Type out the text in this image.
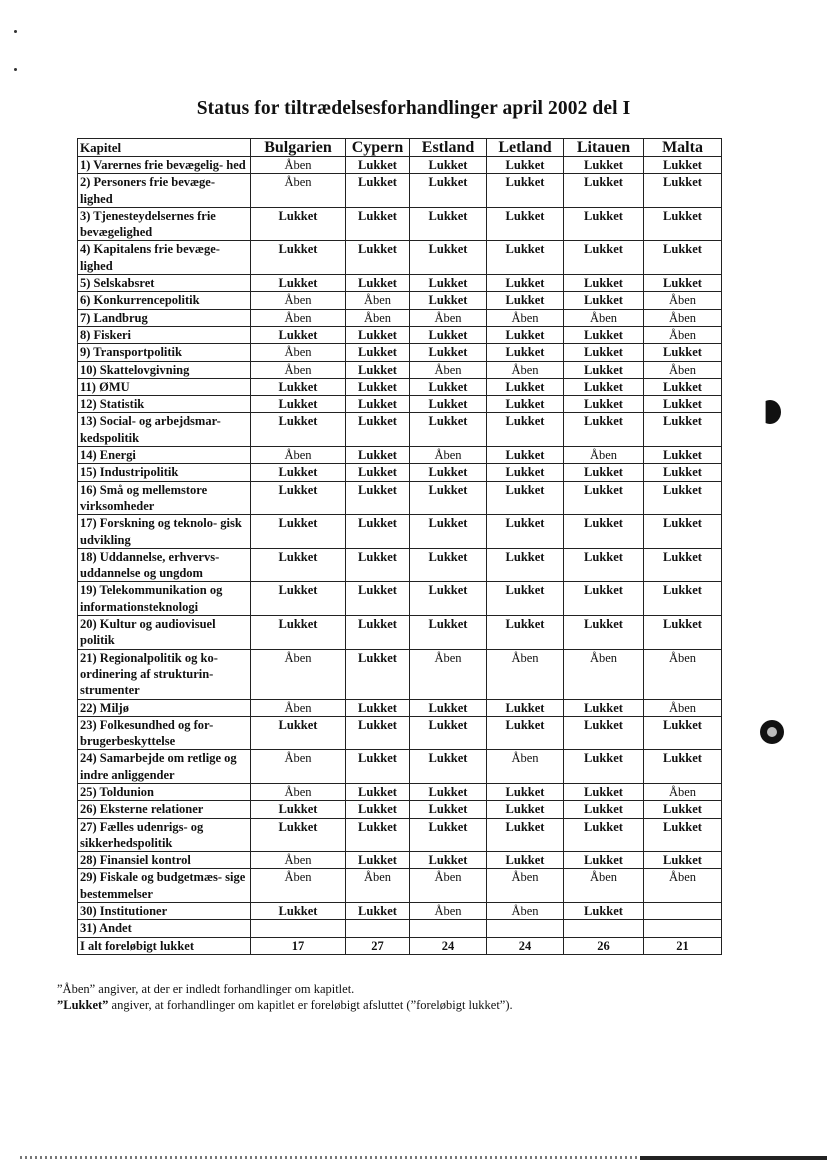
Status for tiltrædelsesforhandlinger april 2002 del I
Kapitel	Bulgarien	Cypern	Estland	Letland	Litauen	Malta
1) Varernes frie bevægelig- hed	Åben	Lukket	Lukket	Lukket	Lukket	Lukket
2) Personers frie bevæge- lighed	Åben	Lukket	Lukket	Lukket	Lukket	Lukket
3) Tjenesteydelsernes frie bevægelighed	Lukket	Lukket	Lukket	Lukket	Lukket	Lukket
4) Kapitalens frie bevæge- lighed	Lukket	Lukket	Lukket	Lukket	Lukket	Lukket
5) Selskabsret	Lukket	Lukket	Lukket	Lukket	Lukket	Lukket
6) Konkurrencepolitik	Åben	Åben	Lukket	Lukket	Lukket	Åben
7) Landbrug	Åben	Åben	Åben	Åben	Åben	Åben
8) Fiskeri	Lukket	Lukket	Lukket	Lukket	Lukket	Åben
9) Transportpolitik	Åben	Lukket	Lukket	Lukket	Lukket	Lukket
10) Skattelovgivning	Åben	Lukket	Åben	Åben	Lukket	Åben
11) ØMU	Lukket	Lukket	Lukket	Lukket	Lukket	Lukket
12) Statistik	Lukket	Lukket	Lukket	Lukket	Lukket	Lukket
13) Social- og arbejdsmar- kedspolitik	Lukket	Lukket	Lukket	Lukket	Lukket	Lukket
14) Energi	Åben	Lukket	Åben	Lukket	Åben	Lukket
15) Industripolitik	Lukket	Lukket	Lukket	Lukket	Lukket	Lukket
16) Små og mellemstore virksomheder	Lukket	Lukket	Lukket	Lukket	Lukket	Lukket
17) Forskning og teknolo- gisk udvikling	Lukket	Lukket	Lukket	Lukket	Lukket	Lukket
18) Uddannelse, erhvervs- uddannelse og ungdom	Lukket	Lukket	Lukket	Lukket	Lukket	Lukket
19) Telekommunikation og informationsteknologi	Lukket	Lukket	Lukket	Lukket	Lukket	Lukket
20) Kultur og audiovisuel politik	Lukket	Lukket	Lukket	Lukket	Lukket	Lukket
21) Regionalpolitik og ko- ordinering af strukturin- strumenter	Åben	Lukket	Åben	Åben	Åben	Åben
22) Miljø	Åben	Lukket	Lukket	Lukket	Lukket	Åben
23) Folkesundhed og for- brugerbeskyttelse	Lukket	Lukket	Lukket	Lukket	Lukket	Lukket
24) Samarbejde om retlige og indre anliggender	Åben	Lukket	Lukket	Åben	Lukket	Lukket
25) Toldunion	Åben	Lukket	Lukket	Lukket	Lukket	Åben
26) Eksterne relationer	Lukket	Lukket	Lukket	Lukket	Lukket	Lukket
27) Fælles udenrigs- og sikkerhedspolitik	Lukket	Lukket	Lukket	Lukket	Lukket	Lukket
28) Finansiel kontrol	Åben	Lukket	Lukket	Lukket	Lukket	Lukket
29) Fiskale og budgetmæs- sige bestemmelser	Åben	Åben	Åben	Åben	Åben	Åben
30) Institutioner	Lukket	Lukket	Åben	Åben	Lukket	
31) Andet						
I alt foreløbigt lukket	17	27	24	24	26	21
”Åben” angiver, at der er indledt forhandlinger om kapitlet.
”Lukket” angiver, at forhandlinger om kapitlet er foreløbigt afsluttet (”foreløbigt lukket”).
